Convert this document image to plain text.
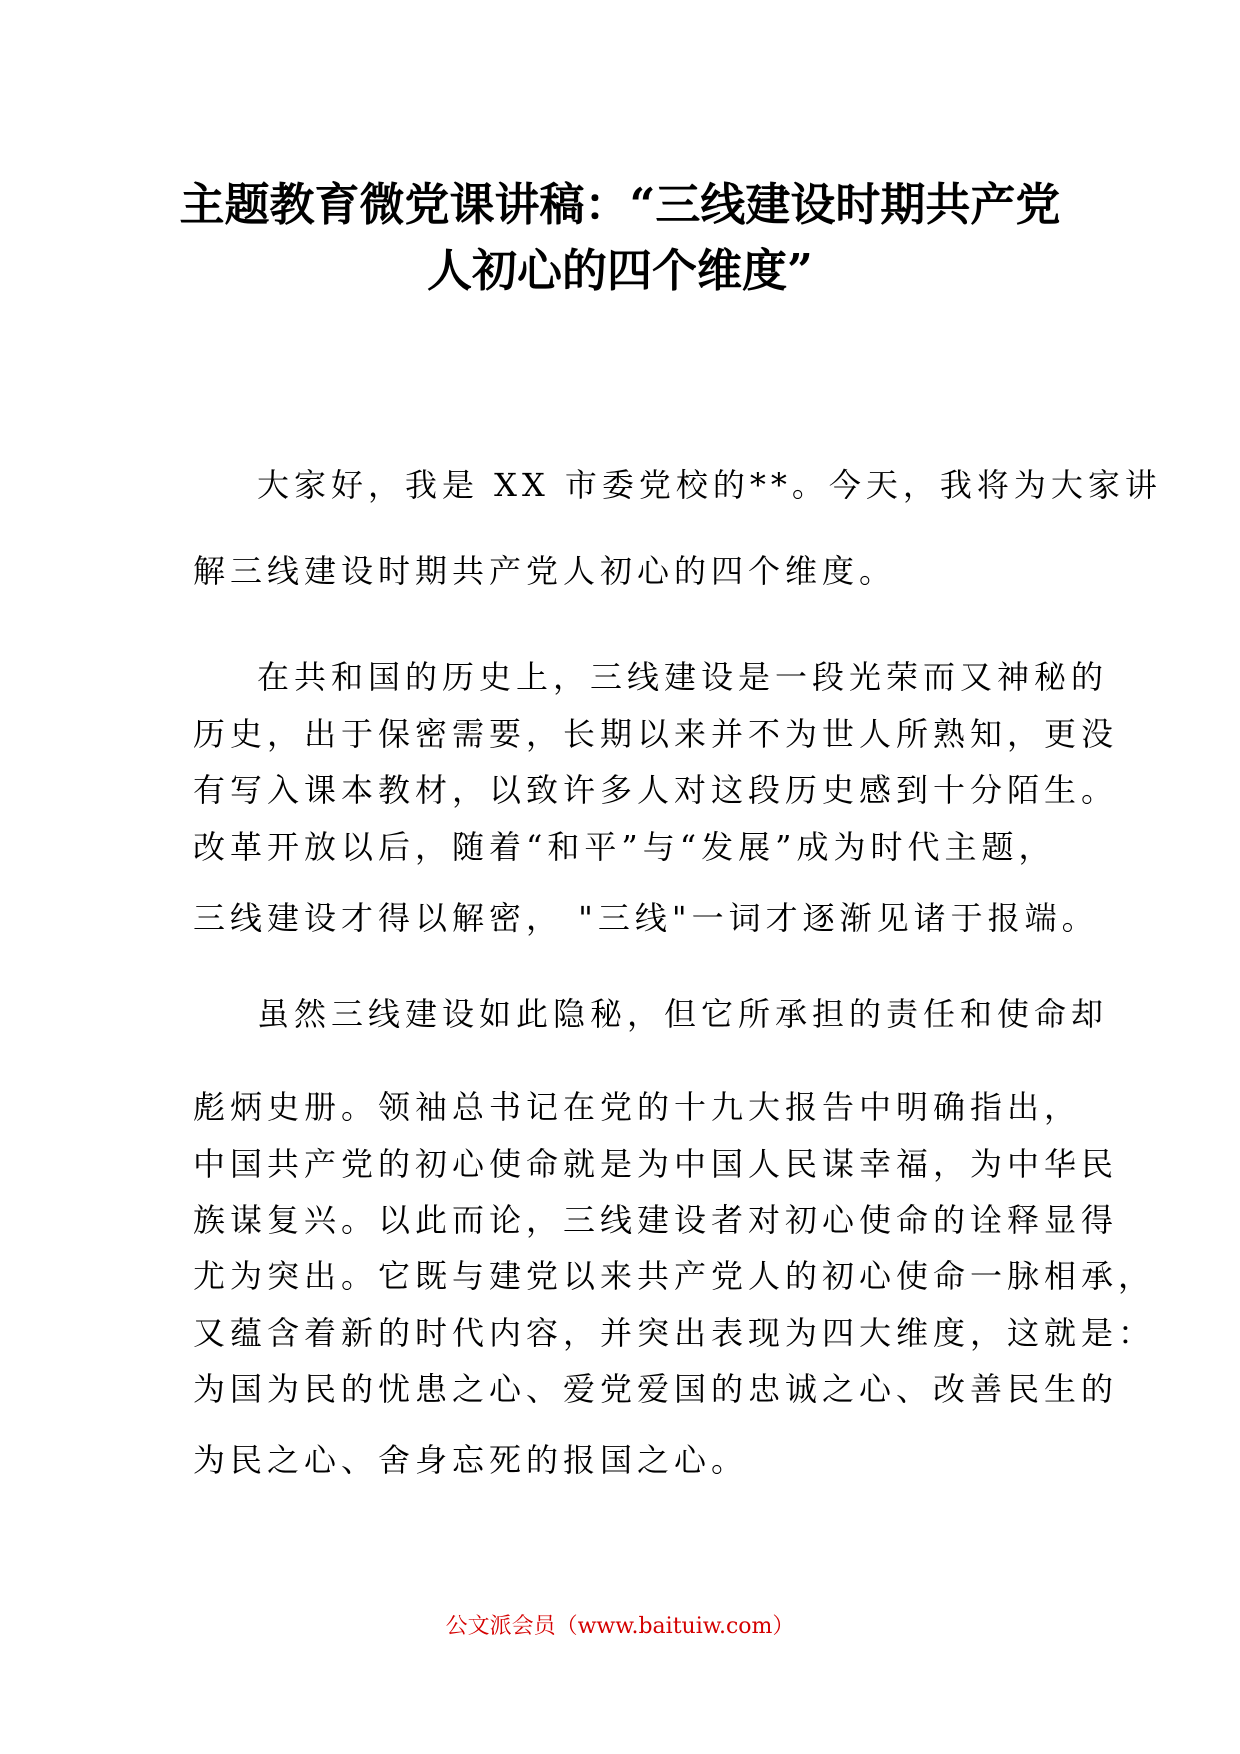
主题教育微党课讲稿：“三线建设时期共产党
人初心的四个维度”

大家好，我是 XX 市委党校的**。今天，我将为大家讲

解三线建设时期共产党人初心的四个维度。

在共和国的历史上，三线建设是一段光荣而又神秘的

历史，出于保密需要，长期以来并不为世人所熟知，更没

有写入课本教材，以致许多人对这段历史感到十分陌生。

改革开放以后，随着“和平”与“发展”成为时代主题，

三线建设才得以解密， "三线"一词才逐渐见诸于报端。

虽然三线建设如此隐秘，但它所承担的责任和使命却

彪炳史册。领袖总书记在党的十九大报告中明确指出，

中国共产党的初心使命就是为中国人民谋幸福，为中华民

族谋复兴。以此而论，三线建设者对初心使命的诠释显得

尤为突出。它既与建党以来共产党人的初心使命一脉相承，

又蕴含着新的时代内容，并突出表现为四大维度，这就是：

为国为民的忧患之心、爱党爱国的忠诚之心、改善民生的

为民之心、舍身忘死的报国之心。

公文派会员（www.baituiw.com）
